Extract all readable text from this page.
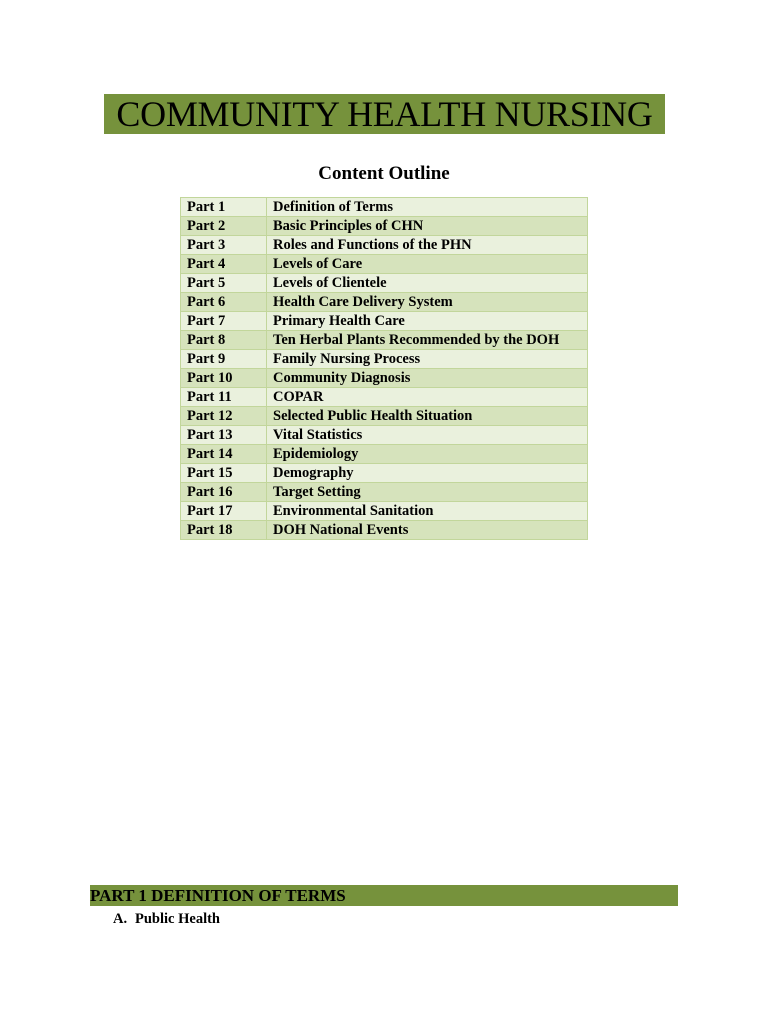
COMMUNITY HEALTH NURSING
Content Outline
Part 1	Definition of Terms
Part 2	Basic Principles of CHN
Part 3	Roles and Functions of the PHN
Part 4	Levels of Care
Part 5	Levels of Clientele
Part 6	Health Care Delivery System
Part 7	Primary Health Care
Part 8	Ten Herbal Plants Recommended by the DOH
Part 9	Family Nursing Process
Part 10	Community Diagnosis
Part 11	COPAR
Part 12	Selected Public Health Situation
Part 13	Vital Statistics
Part 14	Epidemiology
Part 15	Demography
Part 16	Target Setting
Part 17	Environmental Sanitation
Part 18	DOH National Events
PART 1 DEFINITION OF TERMS
A. Public Health
